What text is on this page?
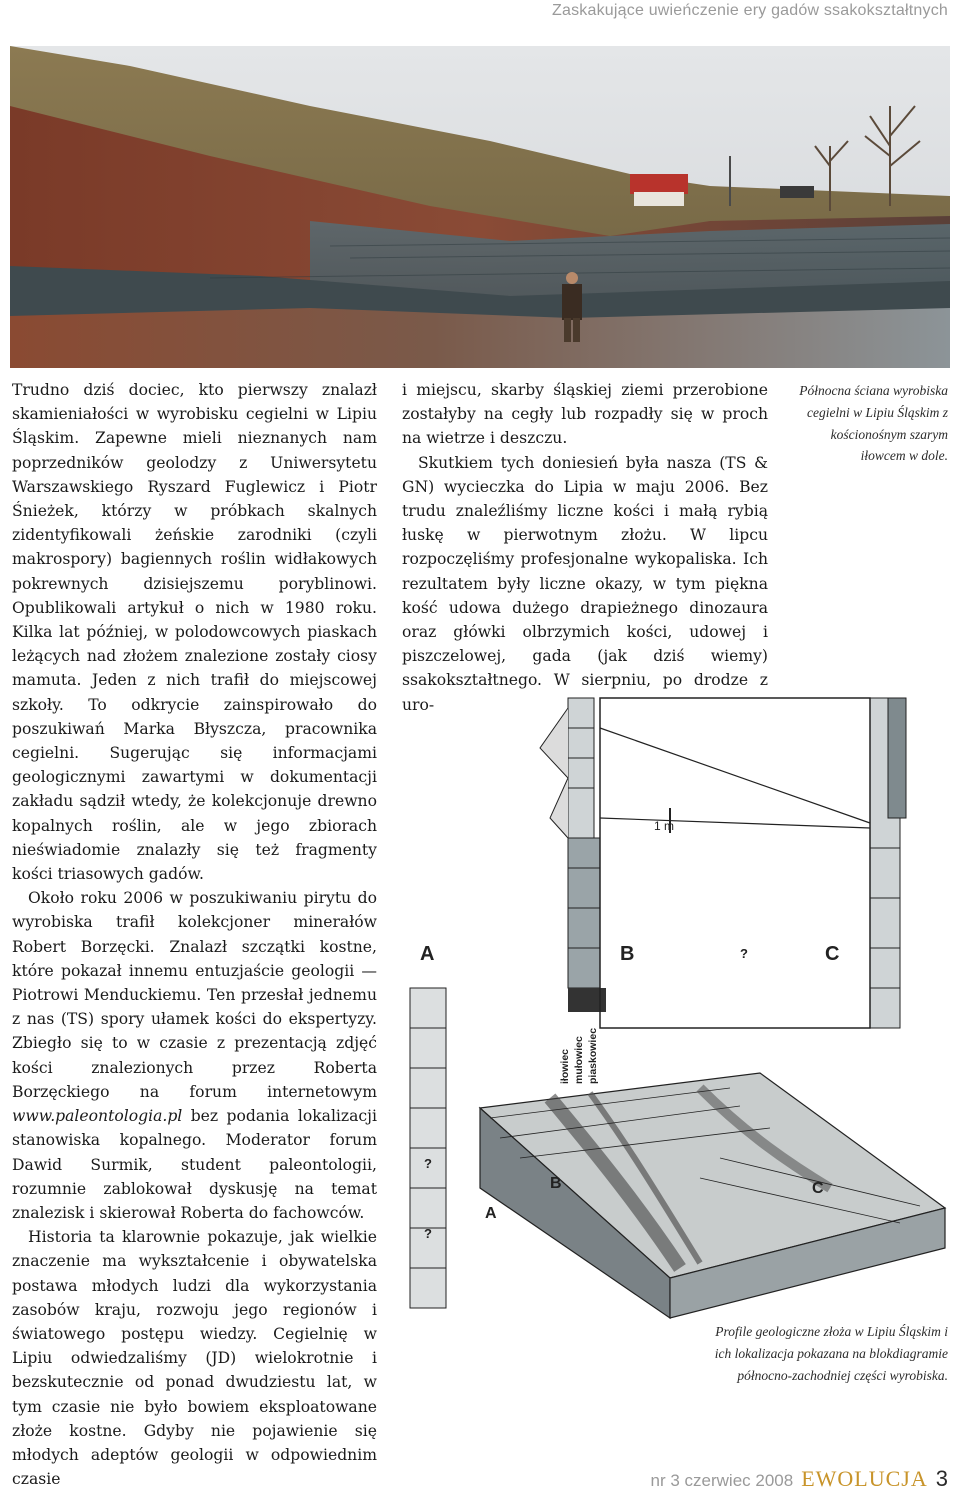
Zaskakujące uwieńczenie ery gadów ssakokształtnych

Trudno dziś dociec, kto pierwszy znalazł skamieniałości w wyrobisku cegielni w Lipiu Śląskim. Zapewne mieli nieznanych nam poprzedników geolodzy z Uniwersytetu Warszawskiego Ryszard Fuglewicz i Piotr Śnieżek, którzy w próbkach skalnych zidentyfikowali żeńskie zarodniki (czyli makrospory) bagiennych roślin widłakowych pokrewnych dzisiejszemu poryblinowi. Opublikowali artykuł o nich w 1980 roku. Kilka lat później, w polodowcowych piaskach leżących nad złożem znalezione zostały ciosy mamuta. Jeden z nich trafił do miejscowej szkoły. To odkrycie zainspirowało do poszukiwań Marka Błyszcza, pracownika cegielni. Sugerując się informacjami geologicznymi zawartymi w dokumentacji zakładu sądził wtedy, że kolekcjonuje drewno kopalnych roślin, ale w jego zbiorach nieświadomie znalazły się też fragmenty kości triasowych gadów.

Około roku 2006 w poszukiwaniu pirytu do wyrobiska trafił kolekcjoner minerałów Robert Borzęcki. Znalazł szczątki kostne, które pokazał innemu entuzjaście geologii — Piotrowi Menduckiemu. Ten przesłał jednemu z nas (TS) spory ułamek kości do ekspertyzy. Zbiegło się to w czasie z prezentacją zdjęć kości znalezionych przez Roberta Borzęckiego na forum internetowym www.paleontologia.pl bez podania lokalizacji stanowiska kopalnego. Moderator forum Dawid Surmik, student paleontologii, rozumnie zablokował dyskusję na temat znalezisk i skierował Roberta do fachowców.

Historia ta klarownie pokazuje, jak wielkie znaczenie ma wykształcenie i obywatelska postawa młodych ludzi dla wykorzystania zasobów kraju, rozwoju jego regionów i światowego postępu wiedzy. Cegielnię w Lipiu odwiedzaliśmy (JD) wielokrotnie i bezskutecznie od ponad dwudziestu lat, w tym czasie nie było bowiem eksploatowane złoże kostne. Gdyby nie pojawienie się młodych adeptów geologii w odpowiednim czasie

i miejscu, skarby śląskiej ziemi przerobione zostałyby na cegły lub rozpadły się w proch na wietrze i deszczu.

Skutkiem tych doniesień była nasza (TS & GN) wycieczka do Lipia w maju 2006. Bez trudu znaleźliśmy liczne kości i małą rybią łuskę w pierwotnym złożu. W lipcu rozpoczęliśmy profesjonalne wykopaliska. Ich rezultatem były liczne okazy, w tym piękna kość udowa dużego drapieżnego dinozaura oraz główki olbrzymich kości, udowej i piszczelowej, gada (jak dziś wiemy) ssakokształtnego. W sierpniu, po drodze z uro-

Północna ściana wyrobiska cegielni w Lipiu Śląskim z kościonośnym szarym iłowcem w dole.
1 m
A	B	?	C
?
?
iłowiec mułowiec piaskowiec
B
A
C
Profile geologiczne złoża w Lipiu Śląskim i ich lokalizacja pokazana na blokdiagramie północno-zachodniej części wyrobiska.
nr 3 czerwiec 2008 EWOLUCJA 3
